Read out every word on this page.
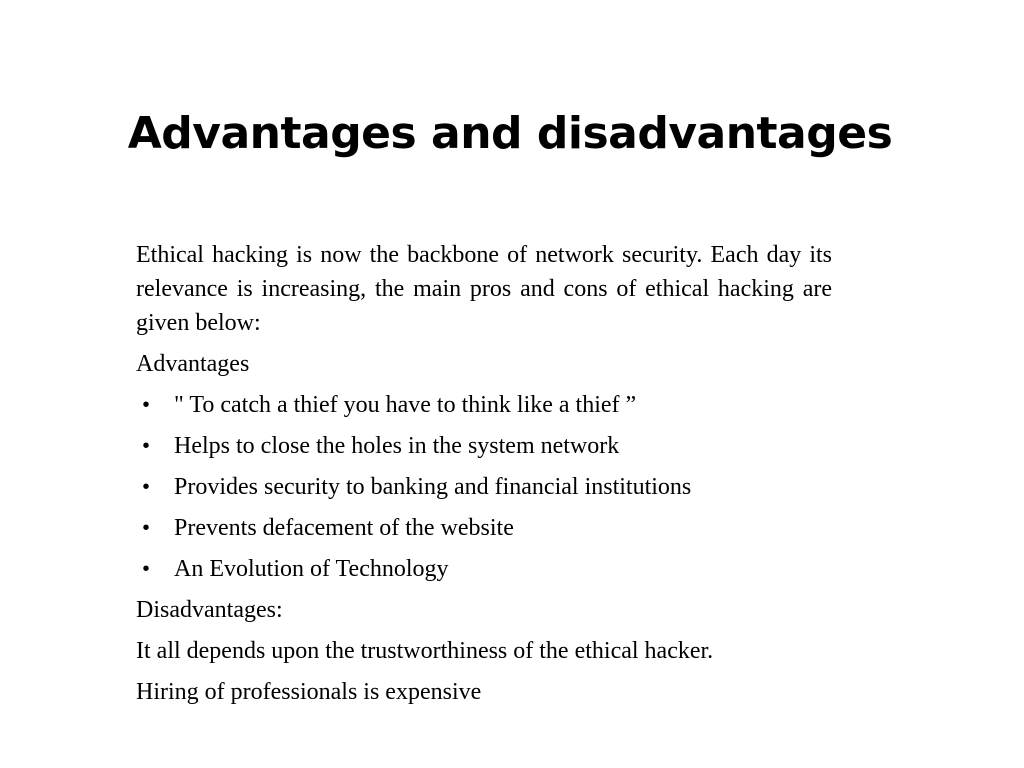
Advantages and disadvantages

Ethical hacking is now the backbone of network security. Each day its relevance is increasing, the main pros and cons of ethical hacking are given below:

Advantages
• " To catch a thief you have to think like a thief ”
• Helps to close the holes in the system network
• Provides security to banking and financial institutions
• Prevents defacement of the website
• An Evolution of Technology
Disadvantages:
It all depends upon the trustworthiness of the ethical hacker.
Hiring of professionals is expensive
